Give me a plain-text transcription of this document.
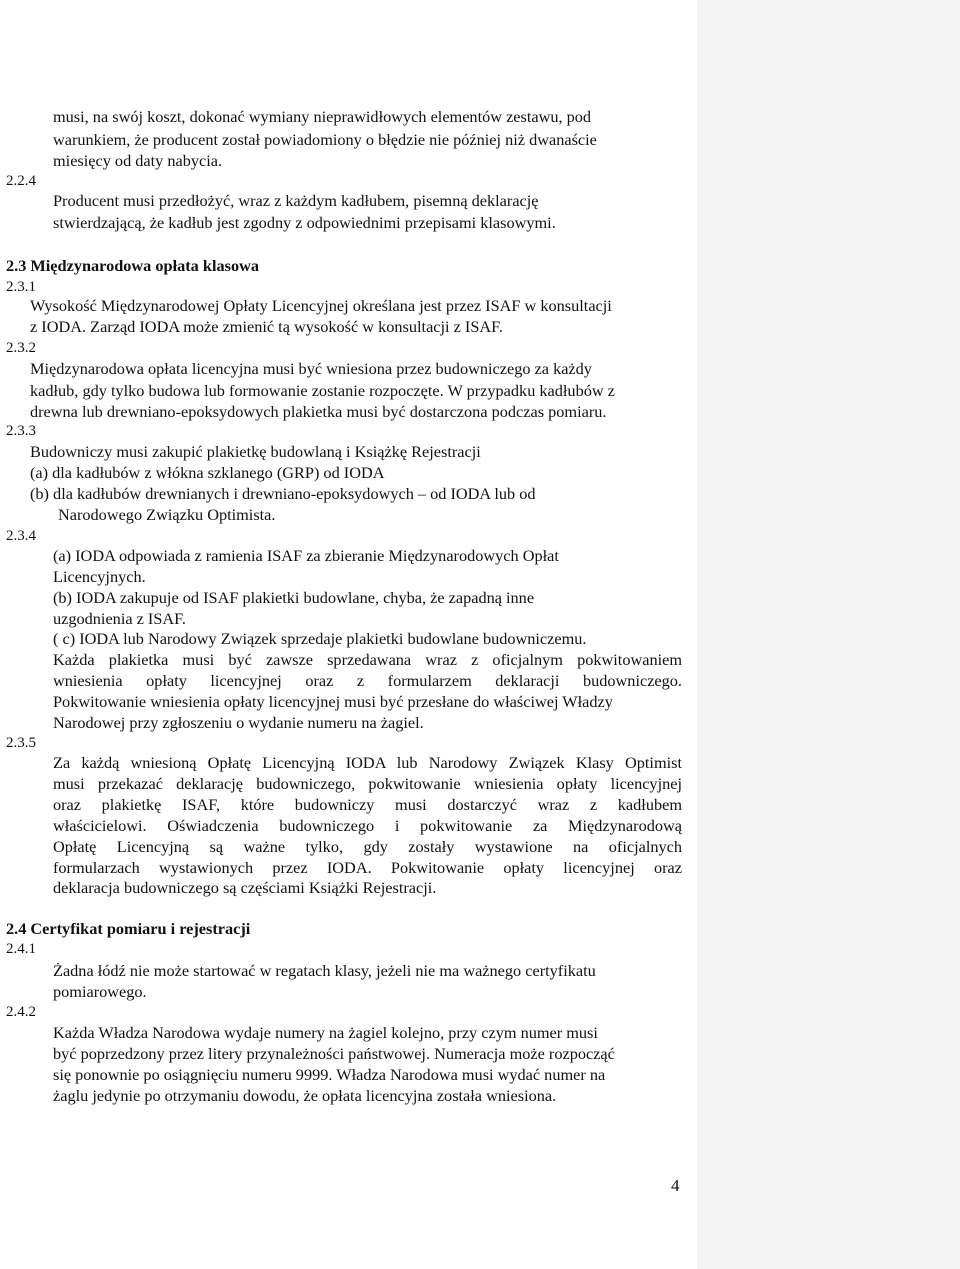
musi, na swój koszt, dokonać wymiany nieprawidłowych elementów zestawu, pod
warunkiem, że producent został powiadomiony o błędzie nie później niż dwanaście
miesięcy od daty nabycia.
2.2.4
Producent musi przedłożyć, wraz z każdym kadłubem, pisemną deklarację
stwierdzającą, że kadłub jest zgodny z odpowiednimi przepisami klasowymi.
2.3 Międzynarodowa opłata klasowa
2.3.1
Wysokość Międzynarodowej Opłaty Licencyjnej określana jest przez ISAF w konsultacji
z IODA. Zarząd IODA może zmienić tą wysokość w konsultacji z ISAF.
2.3.2
Międzynarodowa opłata licencyjna musi być wniesiona przez budowniczego za każdy
kadłub, gdy tylko budowa lub formowanie zostanie rozpoczęte. W przypadku kadłubów z
drewna lub drewniano-epoksydowych plakietka musi być dostarczona podczas pomiaru.
2.3.3
Budowniczy musi zakupić plakietkę budowlaną i Książkę Rejestracji
(a) dla kadłubów z włókna szklanego (GRP) od IODA
(b) dla kadłubów drewnianych i drewniano-epoksydowych – od IODA lub od
Narodowego Związku Optimista.
2.3.4
(a) IODA odpowiada z ramienia ISAF za zbieranie Międzynarodowych Opłat
Licencyjnych.
(b) IODA zakupuje od ISAF plakietki budowlane, chyba, że zapadną inne
uzgodnienia z ISAF.
( c) IODA lub Narodowy Związek sprzedaje plakietki budowlane budowniczemu.
Każda plakietka musi być zawsze sprzedawana wraz z oficjalnym pokwitowaniem
wniesienia opłaty licencyjnej oraz z formularzem deklaracji budowniczego.
Pokwitowanie wniesienia opłaty licencyjnej musi być przesłane do właściwej Władzy
Narodowej przy zgłoszeniu o wydanie numeru na żagiel.
2.3.5
Za każdą wniesioną Opłatę Licencyjną IODA lub Narodowy Związek Klasy Optimist
musi przekazać deklarację budowniczego, pokwitowanie wniesienia opłaty licencyjnej
oraz plakietkę ISAF, które budowniczy musi dostarczyć wraz z kadłubem
właścicielowi. Oświadczenia budowniczego i pokwitowanie za Międzynarodową
Opłatę Licencyjną są ważne tylko, gdy zostały wystawione na oficjalnych
formularzach wystawionych przez IODA. Pokwitowanie opłaty licencyjnej oraz
deklaracja budowniczego są częściami Książki Rejestracji.
2.4 Certyfikat pomiaru i rejestracji
2.4.1
Żadna łódź nie może startować w regatach klasy, jeżeli nie ma ważnego certyfikatu
pomiarowego.
2.4.2
Każda Władza Narodowa wydaje numery na żagiel kolejno, przy czym numer musi
być poprzedzony przez litery przynależności państwowej. Numeracja może rozpocząć
się ponownie po osiągnięciu numeru 9999. Władza Narodowa musi wydać numer na
żaglu jedynie po otrzymaniu dowodu, że opłata licencyjna została wniesiona.
4
